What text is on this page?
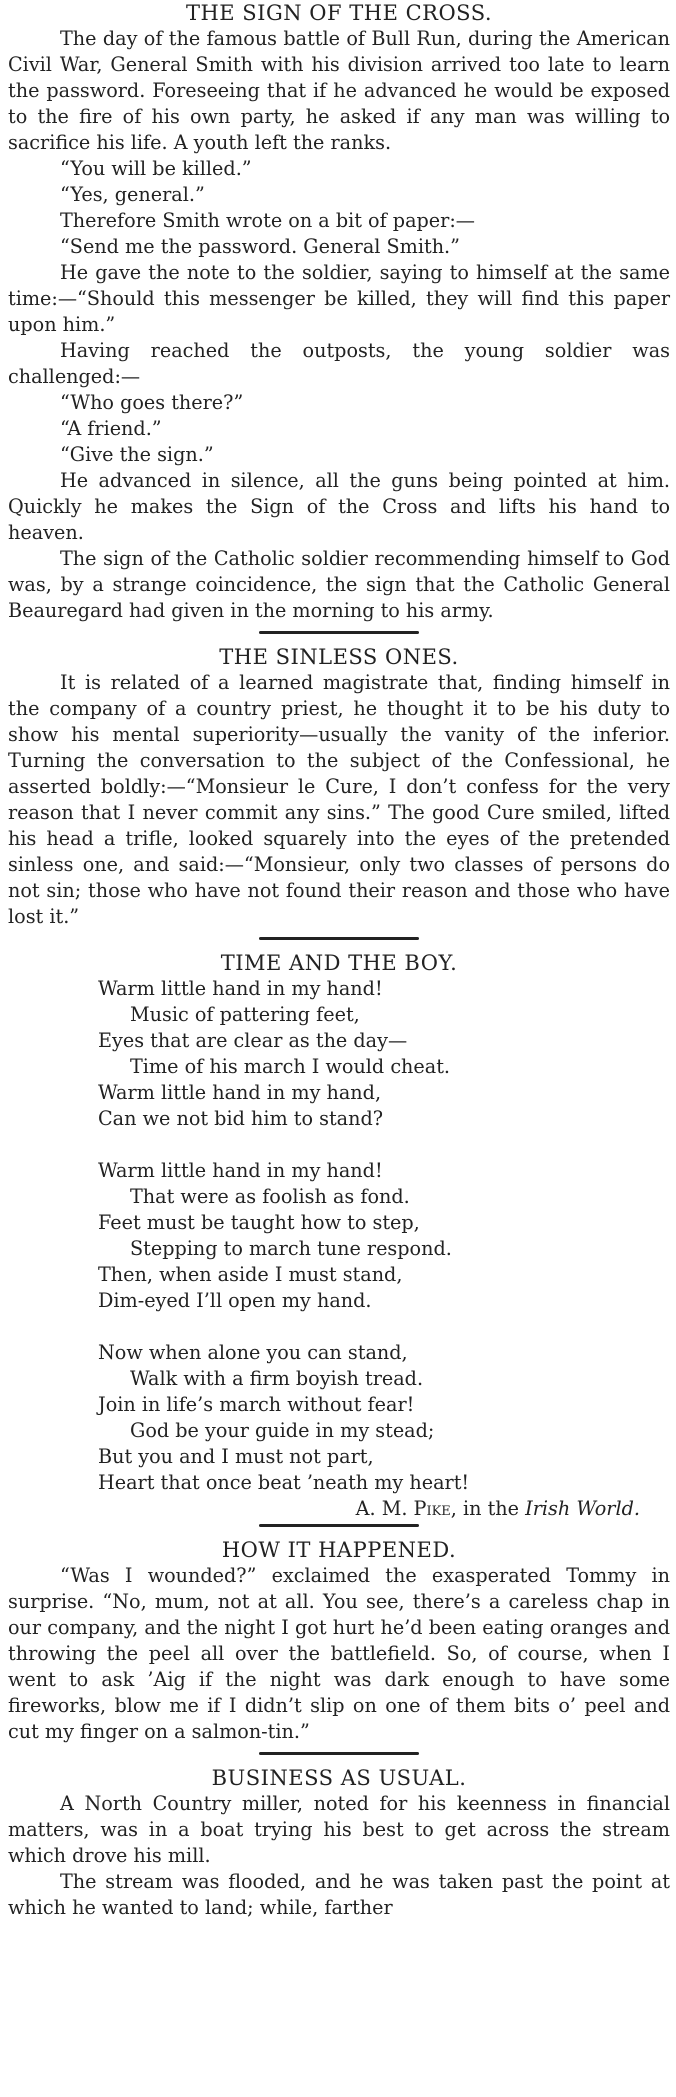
THE SIGN OF THE CROSS.

The day of the famous battle of Bull Run, during the American Civil War, General Smith with his division arrived too late to learn the password. Foreseeing that if he advanced he would be exposed to the fire of his own party, he asked if any man was willing to sacrifice his life. A youth left the ranks.

“You will be killed.”

“Yes, general.”

Therefore Smith wrote on a bit of paper:—

“Send me the password. General Smith.”

He gave the note to the soldier, saying to himself at the same time:—“Should this messenger be killed, they will find this paper upon him.”

Having reached the outposts, the young soldier was challenged:—

“Who goes there?”

“A friend.”

“Give the sign.”

He advanced in silence, all the guns being pointed at him. Quickly he makes the Sign of the Cross and lifts his hand to heaven.

The sign of the Catholic soldier recommending himself to God was, by a strange coincidence, the sign that the Catholic General Beauregard had given in the morning to his army.

THE SINLESS ONES.

It is related of a learned magistrate that, finding himself in the company of a country priest, he thought it to be his duty to show his mental superiority—usually the vanity of the inferior. Turning the conversation to the subject of the Confessional, he asserted boldly:—“Monsieur le Cure, I don’t confess for the very reason that I never commit any sins.” The good Cure smiled, lifted his head a trifle, looked squarely into the eyes of the pretended sinless one, and said:—“Monsieur, only two classes of persons do not sin; those who have not found their reason and those who have lost it.”

TIME AND THE BOY.

Warm little hand in my hand!

Music of pattering feet,

Eyes that are clear as the day—

Time of his march I would cheat.

Warm little hand in my hand,

Can we not bid him to stand?

Warm little hand in my hand!

That were as foolish as fond.

Feet must be taught how to step,

Stepping to march tune respond.

Then, when aside I must stand,

Dim-eyed I’ll open my hand.

Now when alone you can stand,

Walk with a firm boyish tread.

Join in life’s march without fear!

God be your guide in my stead;

But you and I must not part,

Heart that once beat ’neath my heart!

A. M. Pike, in the Irish World.

HOW IT HAPPENED.

“Was I wounded?” exclaimed the exasperated Tommy in surprise. “No, mum, not at all. You see, there’s a careless chap in our company, and the night I got hurt he’d been eating oranges and throwing the peel all over the battlefield. So, of course, when I went to ask ’Aig if the night was dark enough to have some fireworks, blow me if I didn’t slip on one of them bits o’ peel and cut my finger on a salmon-tin.”

BUSINESS AS USUAL.

A North Country miller, noted for his keenness in financial matters, was in a boat trying his best to get across the stream which drove his mill.

The stream was flooded, and he was taken past the point at which he wanted to land; while, farther
